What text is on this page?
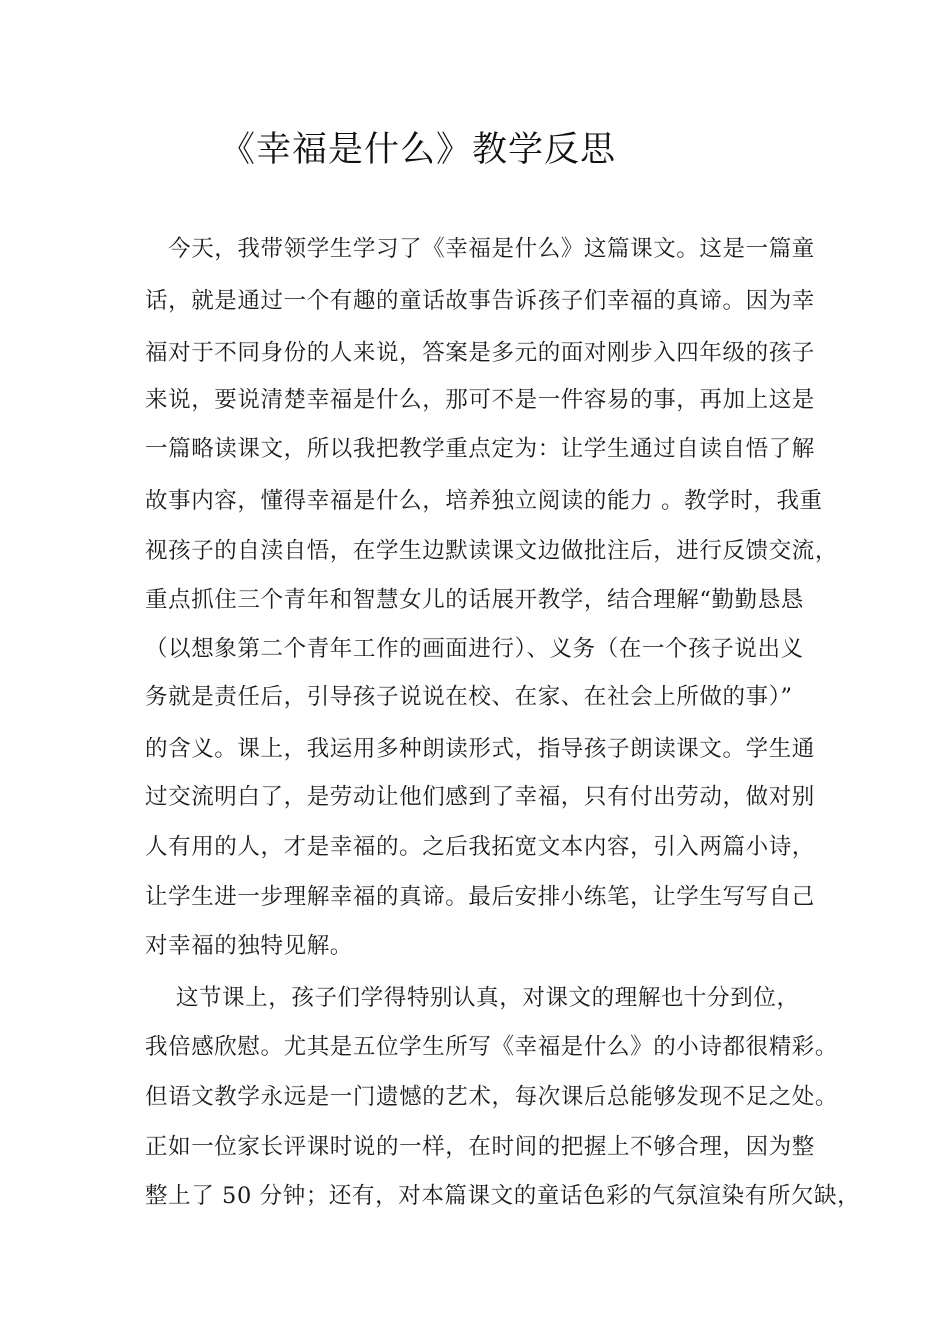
《幸福是什么》教学反思
　今天，我带领学生学习了《幸福是什么》这篇课文。这是一篇童
话，就是通过一个有趣的童话故事告诉孩子们幸福的真谛。因为幸
福对于不同身份的人来说，答案是多元的面对刚步入四年级的孩子
来说，要说清楚幸福是什么，那可不是一件容易的事，再加上这是
一篇略读课文，所以我把教学重点定为：让学生通过自读自悟了解
故事内容，懂得幸福是什么，培养独立阅读的能力 。教学时，我重
视孩子的自渎自悟，在学生边默读课文边做批注后，进行反馈交流，
重点抓住三个青年和智慧女儿的话展开教学，结合理解“勤勤恳恳
（以想象第二个青年工作的画面进行）、义务（在一个孩子说出义
务就是责任后，引导孩子说说在校、在家、在社会上所做的事）”
的含义。课上，我运用多种朗读形式，指导孩子朗读课文。学生通
过交流明白了，是劳动让他们感到了幸福，只有付出劳动，做对别
人有用的人，才是幸福的。之后我拓宽文本内容，引入两篇小诗，
让学生进一步理解幸福的真谛。最后安排小练笔，让学生写写自己
对幸福的独特见解。
　 这节课上，孩子们学得特别认真，对课文的理解也十分到位，
我倍感欣慰。尤其是五位学生所写《幸福是什么》的小诗都很精彩。
但语文教学永远是一门遗憾的艺术，每次课后总能够发现不足之处。
正如一位家长评课时说的一样，在时间的把握上不够合理，因为整
整上了 50 分钟；还有，对本篇课文的童话色彩的气氛渲染有所欠缺，
